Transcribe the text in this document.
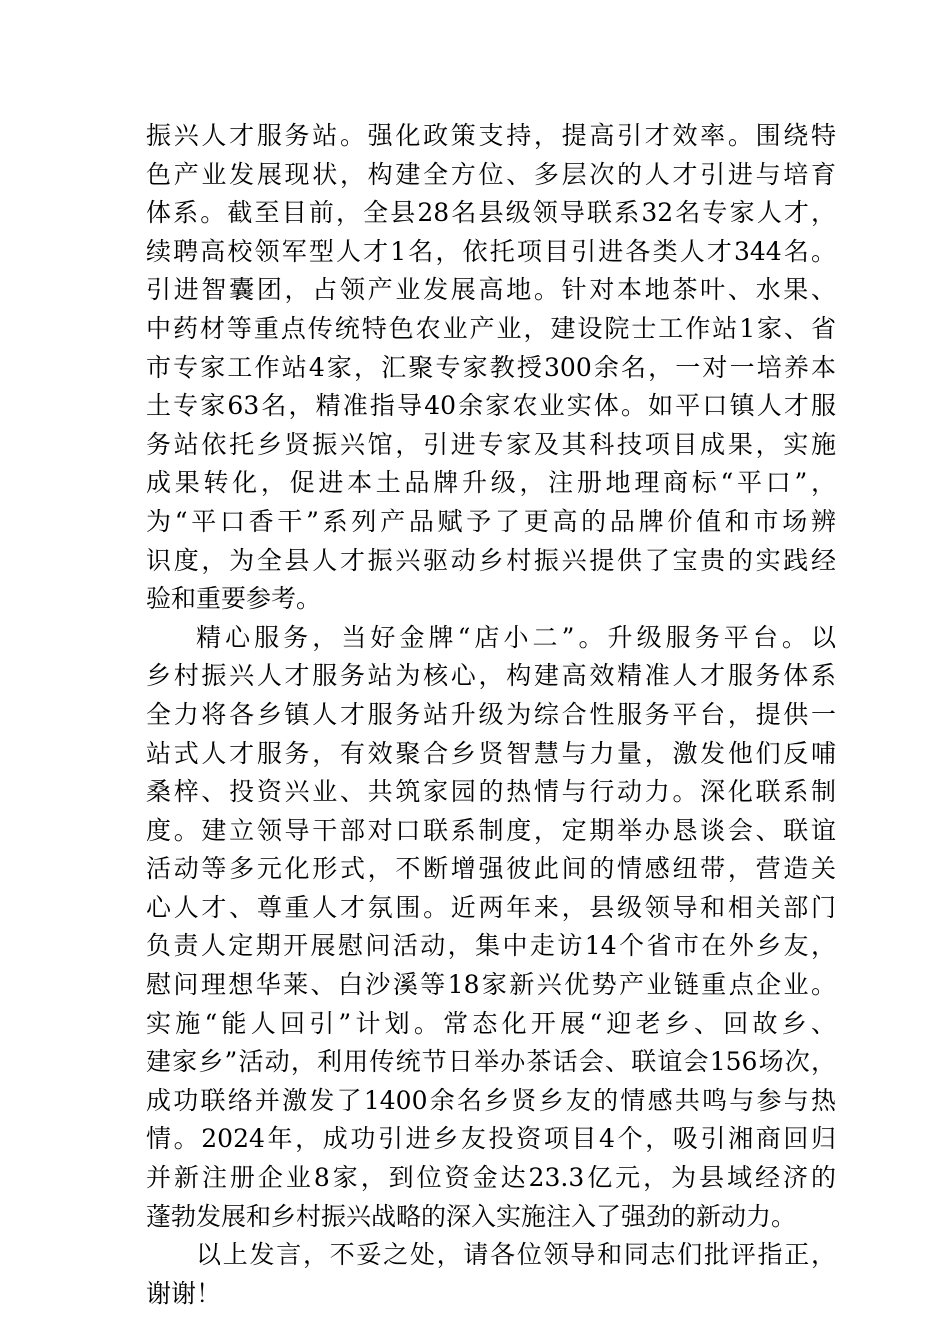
振兴人才服务站。强化政策支持，提高引才效率。围绕特
色产业发展现状，构建全方位、多层次的人才引进与培育
体系。截至目前，全县28名县级领导联系32名专家人才，
续聘高校领军型人才1名，依托项目引进各类人才344名。
引进智囊团，占领产业发展高地。针对本地茶叶、水果、
中药材等重点传统特色农业产业，建设院士工作站1家、省
市专家工作站4家，汇聚专家教授300余名，一对一培养本
土专家63名，精准指导40余家农业实体。如平口镇人才服
务站依托乡贤振兴馆，引进专家及其科技项目成果，实施
成果转化，促进本土品牌升级，注册地理商标“平口”，
为“平口香干”系列产品赋予了更高的品牌价值和市场辨
识度，为全县人才振兴驱动乡村振兴提供了宝贵的实践经
验和重要参考。
精心服务，当好金牌“店小二”。升级服务平台。以
乡村振兴人才服务站为核心，构建高效精准人才服务体系
全力将各乡镇人才服务站升级为综合性服务平台，提供一
站式人才服务，有效聚合乡贤智慧与力量，激发他们反哺
桑梓、投资兴业、共筑家园的热情与行动力。深化联系制
度。建立领导干部对口联系制度，定期举办恳谈会、联谊
活动等多元化形式，不断增强彼此间的情感纽带，营造关
心人才、尊重人才氛围。近两年来，县级领导和相关部门
负责人定期开展慰问活动，集中走访14个省市在外乡友，
慰问理想华莱、白沙溪等18家新兴优势产业链重点企业。
实施“能人回引”计划。常态化开展“迎老乡、回故乡、
建家乡”活动，利用传统节日举办茶话会、联谊会156场次，
成功联络并激发了1400余名乡贤乡友的情感共鸣与参与热
情。2024年，成功引进乡友投资项目4个，吸引湘商回归
并新注册企业8家，到位资金达23.3亿元，为县域经济的
蓬勃发展和乡村振兴战略的深入实施注入了强劲的新动力。
以上发言，不妥之处，请各位领导和同志们批评指正，
谢谢！
